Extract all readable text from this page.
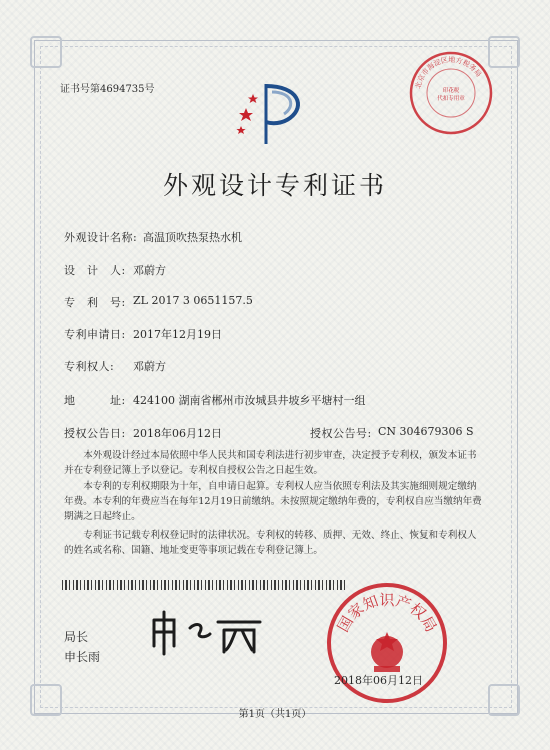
证书号第4694735号	北京市海淀区地方税务局
印花税
代扣专用章
外观设计专利证书
外观设计名称: 高温顶吹热泵热水机
设　计　人: 邓蔚方
专　利　号: ZL 2017 3 0651157.5
专利申请日: 2017年12月19日
专利权人: 邓蔚方
地　　　址: 424100 湖南省郴州市汝城县井坡乡平塘村一组
授权公告日: 2018年06月12日	授权公告号: CN 304679306 S
本外观设计经过本局依照中华人民共和国专利法进行初步审查，决定授予专利权，颁发本证书并在专利登记簿上予以登记。专利权自授权公告之日起生效。
本专利的专利权期限为十年，自申请日起算。专利权人应当依照专利法及其实施细则规定缴纳年费。本专利的年费应当在每年12月19日前缴纳。未按照规定缴纳年费的，专利权自应当缴纳年费期满之日起终止。
专利证书记载专利权登记时的法律状况。专利权的转移、质押、无效、终止、恢复和专利权人的姓名或名称、国籍、地址变更等事项记载在专利登记簿上。
局长
申长雨
国家知识产权局
2018年06月12日
第1页（共1页）
